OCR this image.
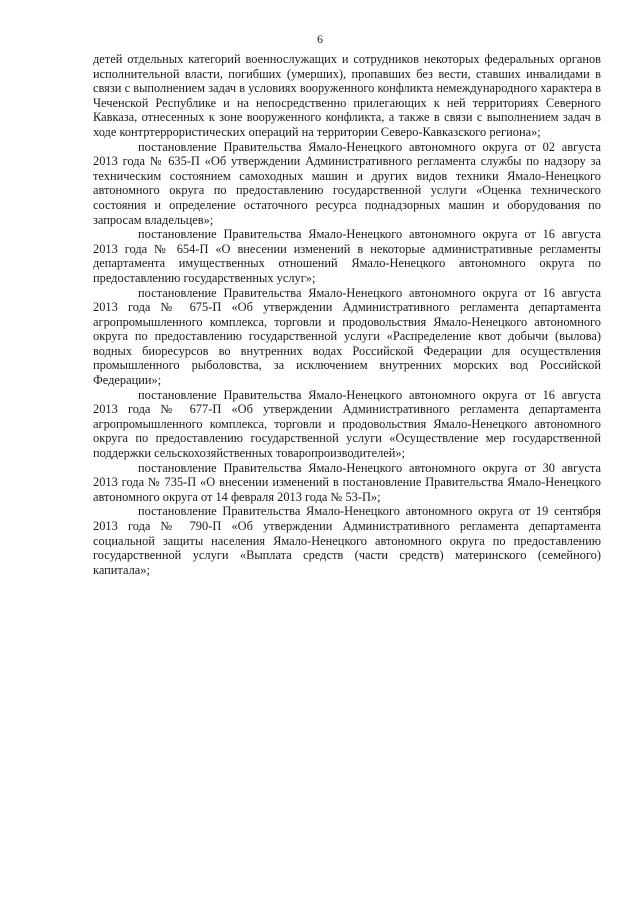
6

детей отдельных категорий военнослужащих и сотрудников некоторых федеральных органов исполнительной власти, погибших (умерших), пропавших без вести, ставших инвалидами в связи с выполнением задач в условиях вооруженного конфликта немеждународного характера в Чеченской Республике и на непосредственно прилегающих к ней территориях Северного Кавказа, отнесенных к зоне вооруженного конфликта, а также в связи с выполнением задач в ходе контртеррористических операций на территории Северо-Кавказского региона»;

постановление Правительства Ямало-Ненецкого автономного округа от 02 августа 2013 года № 635-П «Об утверждении Административного регламента службы по надзору за техническим состоянием самоходных машин и других видов техники Ямало-Ненецкого автономного округа по предоставлению государственной услуги «Оценка технического состояния и определение остаточного ресурса поднадзорных машин и оборудования по запросам владельцев»;

постановление Правительства Ямало-Ненецкого автономного округа от 16 августа 2013 года № 654-П «О внесении изменений в некоторые административные регламенты департамента имущественных отношений Ямало-Ненецкого автономного округа по предоставлению государственных услуг»;

постановление Правительства Ямало-Ненецкого автономного округа от 16 августа 2013 года № 675-П «Об утверждении Административного регламента департамента агропромышленного комплекса, торговли и продовольствия Ямало-Ненецкого автономного округа по предоставлению государственной услуги «Распределение квот добычи (вылова) водных биоресурсов во внутренних водах Российской Федерации для осуществления промышленного рыболовства, за исключением внутренних морских вод Российской Федерации»;

постановление Правительства Ямало-Ненецкого автономного округа от 16 августа 2013 года № 677-П «Об утверждении Административного регламента департамента агропромышленного комплекса, торговли и продовольствия Ямало-Ненецкого автономного округа по предоставлению государственной услуги «Осуществление мер государственной поддержки сельскохозяйственных товаропроизводителей»;

постановление Правительства Ямало-Ненецкого автономного округа от 30 августа 2013 года № 735-П «О внесении изменений в постановление Правительства Ямало-Ненецкого автономного округа от 14 февраля 2013 года № 53-П»;

постановление Правительства Ямало-Ненецкого автономного округа от 19 сентября 2013 года № 790-П «Об утверждении Административного регламента департамента социальной защиты населения Ямало-Ненецкого автономного округа по предоставлению государственной услуги «Выплата средств (части средств) материнского (семейного) капитала»;
